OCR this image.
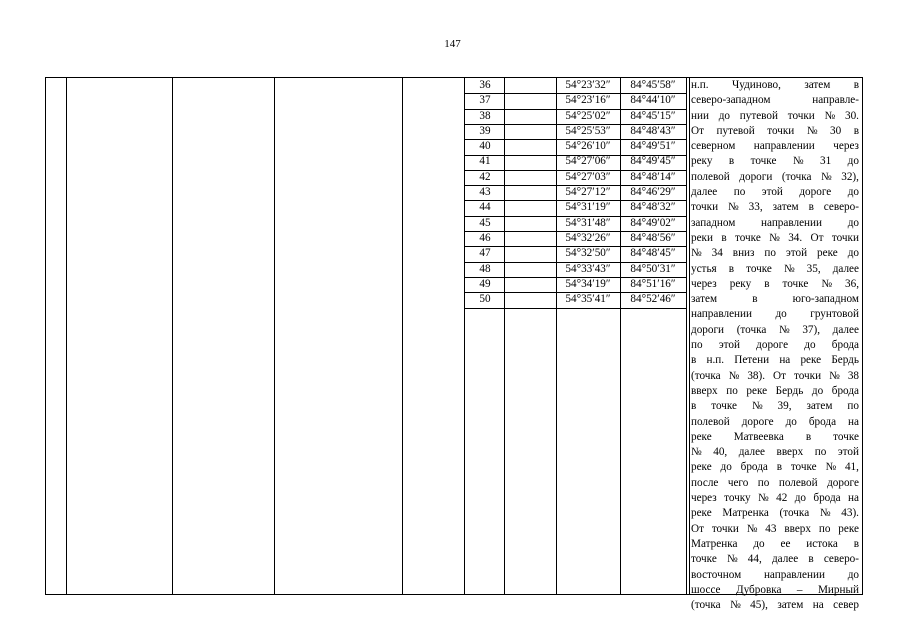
147
36	54°23′32″	84°45′58″
37	54°23′16″	84°44′10″
38	54°25′02″	84°45′15″
39	54°25′53″	84°48′43″
40	54°26′10″	84°49′51″
41	54°27′06″	84°49′45″
42	54°27′03″	84°48′14″
43	54°27′12″	84°46′29″
44	54°31′19″	84°48′32″
45	54°31′48″	84°49′02″
46	54°32′26″	84°48′56″
47	54°32′50″	84°48′45″
48	54°33′43″	84°50′31″
49	54°34′19″	84°51′16″
50	54°35′41″	84°52′46″
н.п. Чудиново, затем в
северо-западном	направле-
нии до путевой точки № 30.
От путевой точки № 30 в
северном направлении через
реку в точке № 31 до
полевой дороги (точка № 32),
далее по этой дороге до
точки № 33, затем в северо-
западном направлении до
реки в точке № 34. От точки
№ 34 вниз по этой реке до
устья в точке № 35, далее
через реку в точке № 36,
затем	в	юго-западном
направлении до грунтовой
дороги (точка № 37), далее
по этой дороге до брода
в н.п. Петени на реке Бердь
(точка № 38). От точки № 38
вверх по реке Бердь до брода
в точке № 39, затем по
полевой дороге до брода на
реке Матвеевка в точке
№ 40, далее вверх по этой
реке до брода в точке № 41,
после чего по полевой дороге
через точку № 42 до брода на
реке Матренка (точка № 43).
От точки № 43 вверх по реке
Матренка до ее истока в
точке № 44, далее в северо-
восточном направлении до
шоссе Дубровка – Мирный
(точка № 45), затем на север
